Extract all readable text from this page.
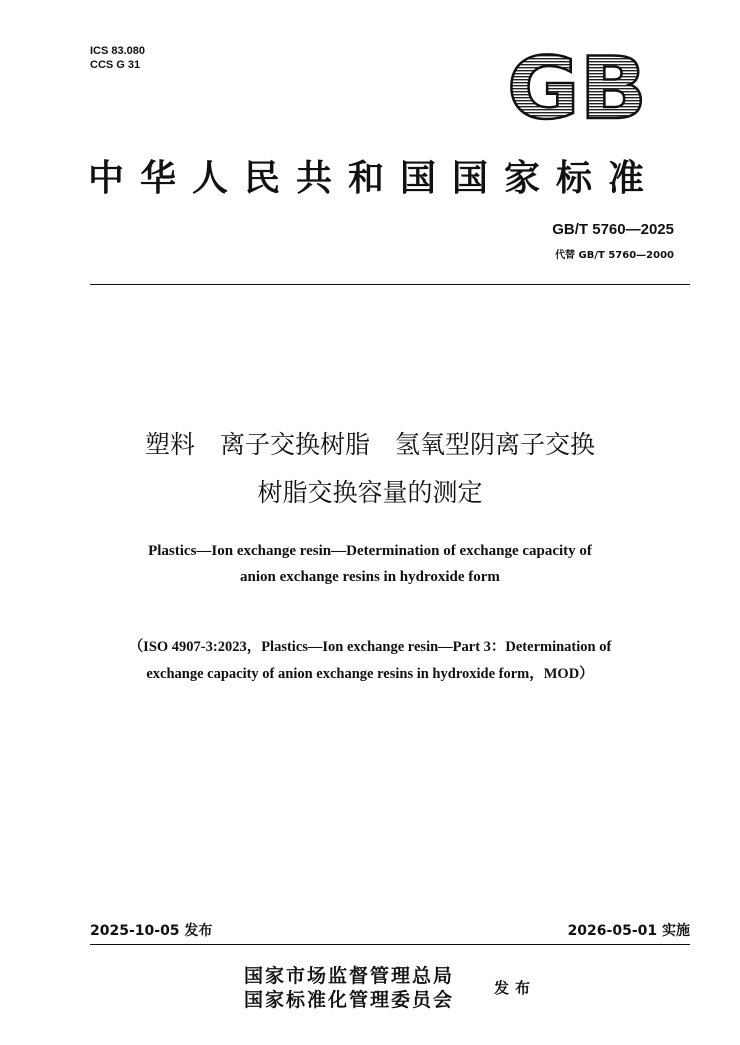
ICS 83.080
CCS G 31	GB
中华人民共和国国家标准
GB/T 5760—2025
代替 GB/T 5760—2000
塑料　离子交换树脂　氢氧型阴离子交换
树脂交换容量的测定
Plastics—Ion exchange resin—Determination of exchange capacity of
anion exchange resins in hydroxide form
（ISO 4907-3:2023，Plastics—Ion exchange resin—Part 3：Determination of
exchange capacity of anion exchange resins in hydroxide form，MOD）
2025-10-05 发布	2026-05-01 实施
国家市场监督管理总局
国家标准化管理委员会
发布
